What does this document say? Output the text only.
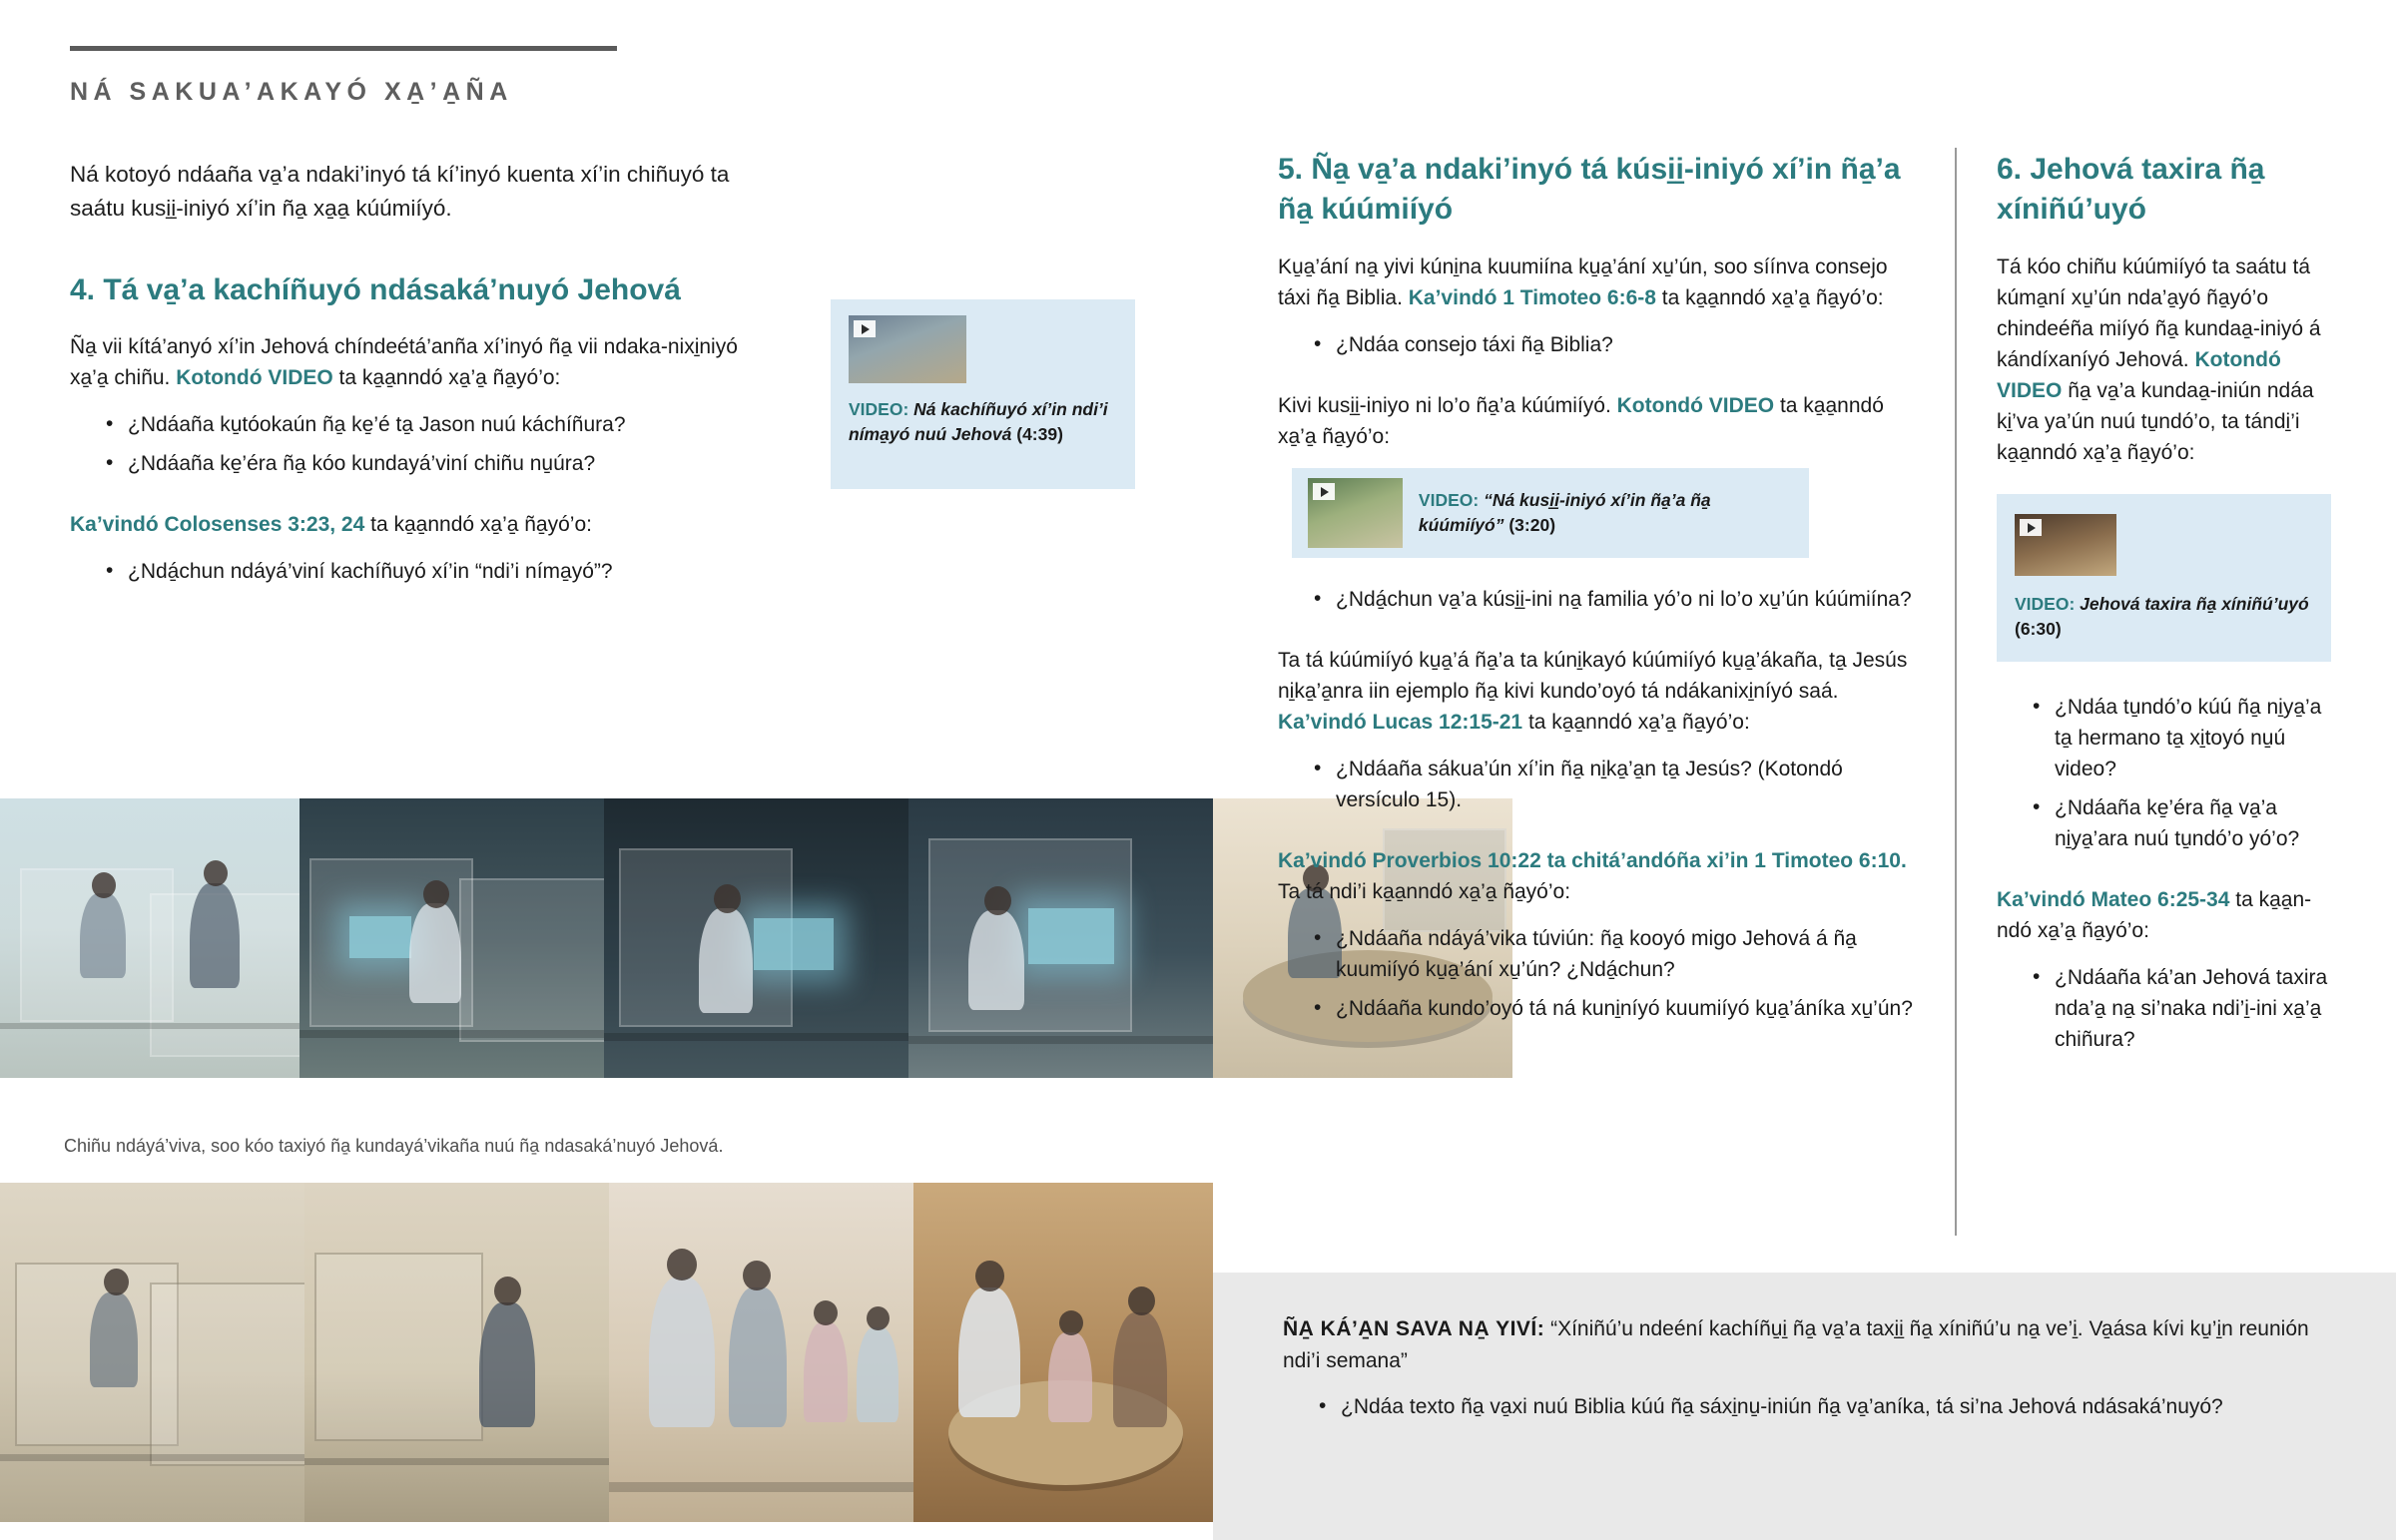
NÁ SAKUA’AKAYÓ XA̱’A̱ÑA

Ná kotoyó ndáaña va̱’a ndaki’inyó tá kí’inyó kuenta xí’in chiñuyó ta saátu kusi̱i̱-iniyó xí’in ña̱ xa̱a̱ kúúmiíyó.

4. Tá va̱’a kachíñuyó ndásaká’nuyó Jehová

Ña̱ vii kítá’anyó xí’in Jehová chíndeétá’anña xí’inyó ña̱ vii ndaka-nixi̱niyó xa̱’a̱ chiñu. Kotondó VIDEO ta ka̱a̱nndó xa̱’a̱ ña̱yó’o:

• ¿Ndáaña ku̱tóokaún ña̱ ke̱’é ta̱ Jason nuú káchíñura?
• ¿Ndáaña ke̱’éra ña̱ kóo kundayá’viní chiñu nu̱úra?

Ka’vindó Colosenses 3:23, 24 ta ka̱a̱nndó xa̱’a̱ ña̱yó’o:

• ¿Ndá̱chun ndáyá’viní kachíñuyó xí’in “ndi’i níma̱yó”?
VIDEO: Ná kachíñuyó xí’in ndi’i níma̱yó nuú Jehová (4:39)
Chiñu ndáyá’viva, soo kóo taxiyó ña̱ kundayá’vikaña nuú ña̱ ndasaká’nuyó Jehová.
5. Ña̱ va̱’a ndaki’inyó tá kúsi̱i̱-iniyó xí’in ña̱’a ña̱ kúúmiíyó

Ku̱a̱’ání na̱ yivi kúni̱na kuumiína ku̱a̱’ání xu̱’ún, soo síínva consejo táxi ña̱ Biblia. Ka’vindó 1 Timoteo 6:6-8 ta ka̱a̱nndó xa̱’a̱ ña̱yó’o:

• ¿Ndáa consejo táxi ña̱ Biblia?

Kivi kusi̱i̱-iniyo ni lo’o ña̱’a kúúmiíyó. Kotondó VIDEO ta ka̱a̱nndó xa̱’a̱ ña̱yó’o:

VIDEO: “Ná kusi̱i̱-iniyó xí’in ña̱’a ña̱ kúúmiíyó” (3:20)
• ¿Ndá̱chun va̱’a kúsi̱i̱-ini na̱ familia yó’o ni lo’o xu̱’ún kúúmiína?

Ta tá kúúmiíyó ku̱a̱’á ña̱’a ta kúni̱kayó kúúmiíyó ku̱a̱’ákaña, ta̱ Jesús ni̱ka̱’a̱nra iin ejemplo ña̱ kivi kundo’oyó tá ndákanixi̱níyó saá. Ka’vindó Lucas 12:15-21 ta ka̱a̱nndó xa̱’a̱ ña̱yó’o:

• ¿Ndáaña sákua’ún xí’in ña̱ ni̱ka̱’a̱n ta̱ Jesús? (Kotondó versículo 15).

Ka’vindó Proverbios 10:22 ta chitá’andóña xi’in 1 Timoteo 6:10. Ta tá ndi’i ka̱a̱nndó xa̱’a̱ ña̱yó’o:

• ¿Ndáaña ndáyá’vika túviún: ña̱ kooyó migo Jehová á ña̱ kuumiíyó ku̱a̱’ání xu̱’ún? ¿Ndá̱chun?
• ¿Ndáaña kundo’oyó tá ná kuni̱níyó kuumiíyó ku̱a̱’áníka xu̱’ún?
6. Jehová taxira ña̱ xíniñú’uyó

Tá kóo chiñu kúúmiíyó ta saátu tá kúma̱ní xu̱’ún nda’a̱yó ña̱yó’o chindeéña miíyó ña̱ kundaa̱-iniyó á kándíxaníyó Jehová. Kotondó VIDEO ña̱ va̱’a kundaa̱-iniún ndáa ki̱’va ya’ún nuú tu̱ndó’o, ta tándi̱’i ka̱a̱nndó xa̱’a̱ ña̱yó’o:

VIDEO: Jehová taxira ña̱ xíniñú’uyó (6:30)
• ¿Ndáa tu̱ndó’o kúú ña̱ ni̱ya̱’a ta̱ hermano ta̱ xi̱toyó nu̱ú video?
• ¿Ndáaña ke̱’éra ña̱ va̱’a ni̱ya̱’ara nuú tu̱ndó’o yó’o?

Ka’vindó Mateo 6:25-34 ta ka̱a̱n-ndó xa̱’a̱ ña̱yó’o:

• ¿Ndáaña ká’an Jehová taxira nda’a̱ na̱ si’naka ndi’i̱-ini xa̱’a̱ chiñura?

ÑA̱ KÁ’A̱N SAVA NA̱ YIVÍ: “Xíniñú’u ndeéní kachíñu̱i̱ ña̱ va̱’a taxi̱i̱ ña̱ xíniñú’u na̱ ve’i̱. Va̱ása kívi ku̱’i̱n reunión ndi’i semana”

• ¿Ndáa texto ña̱ va̱xi nuú Biblia kúú ña̱ sáxi̱nu̱-iniún ña̱ va̱’aníka, tá si’na Jehová ndásaká’nuyó?
